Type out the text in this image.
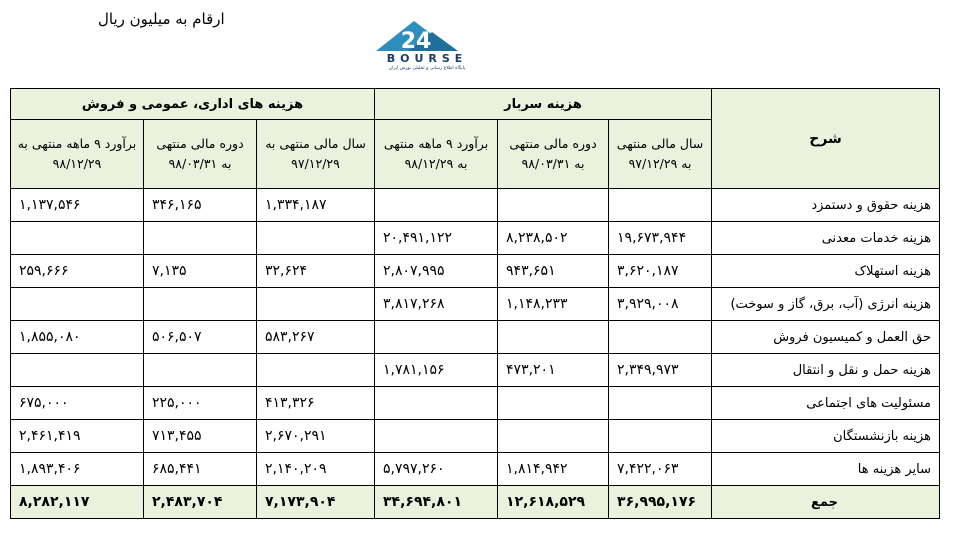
ارقام به میلیون ریال
24
BOURSE
پایگاه اطلاع رسانی و تحلیلی بورس ایران
شرح	هزینه سربار			هزینه های اداری، عمومی و فروش		
	سال مالی منتهی به ۹۷/۱۲/۲۹	دوره مالی منتهی به ۹۸/۰۳/۳۱	برآورد ۹ ماهه منتهی به ۹۸/۱۲/۲۹	سال مالی منتهی به ۹۷/۱۲/۲۹	دوره مالی منتهی به ۹۸/۰۳/۳۱	برآورد ۹ ماهه منتهی به ۹۸/۱۲/۲۹
هزینه حقوق و دستمزد				۱,۳۳۴,۱۸۷	۳۴۶,۱۶۵	۱,۱۳۷,۵۴۶
هزینه خدمات معدنی	۱۹,۶۷۳,۹۴۴	۸,۲۳۸,۵۰۲	۲۰,۴۹۱,۱۲۲			
هزینه استهلاک	۳,۶۲۰,۱۸۷	۹۴۳,۶۵۱	۲,۸۰۷,۹۹۵	۳۲,۶۲۴	۷,۱۳۵	۲۵۹,۶۶۶
هزینه انرژی (آب، برق، گاز و سوخت)	۳,۹۲۹,۰۰۸	۱,۱۴۸,۲۳۳	۳,۸۱۷,۲۶۸			
حق العمل و کمیسیون فروش				۵۸۳,۲۶۷	۵۰۶,۵۰۷	۱,۸۵۵,۰۸۰
هزینه حمل و نقل و انتقال	۲,۳۴۹,۹۷۳	۴۷۳,۲۰۱	۱,۷۸۱,۱۵۶			
مسئولیت های اجتماعی				۴۱۳,۳۲۶	۲۲۵,۰۰۰	۶۷۵,۰۰۰
هزینه بازنشستگان				۲,۶۷۰,۲۹۱	۷۱۳,۴۵۵	۲,۴۶۱,۴۱۹
سایر هزینه ها	۷,۴۲۲,۰۶۳	۱,۸۱۴,۹۴۲	۵,۷۹۷,۲۶۰	۲,۱۴۰,۲۰۹	۶۸۵,۴۴۱	۱,۸۹۳,۴۰۶
جمع	۳۶,۹۹۵,۱۷۶	۱۲,۶۱۸,۵۲۹	۳۴,۶۹۴,۸۰۱	۷,۱۷۳,۹۰۴	۲,۴۸۳,۷۰۴	۸,۲۸۲,۱۱۷
